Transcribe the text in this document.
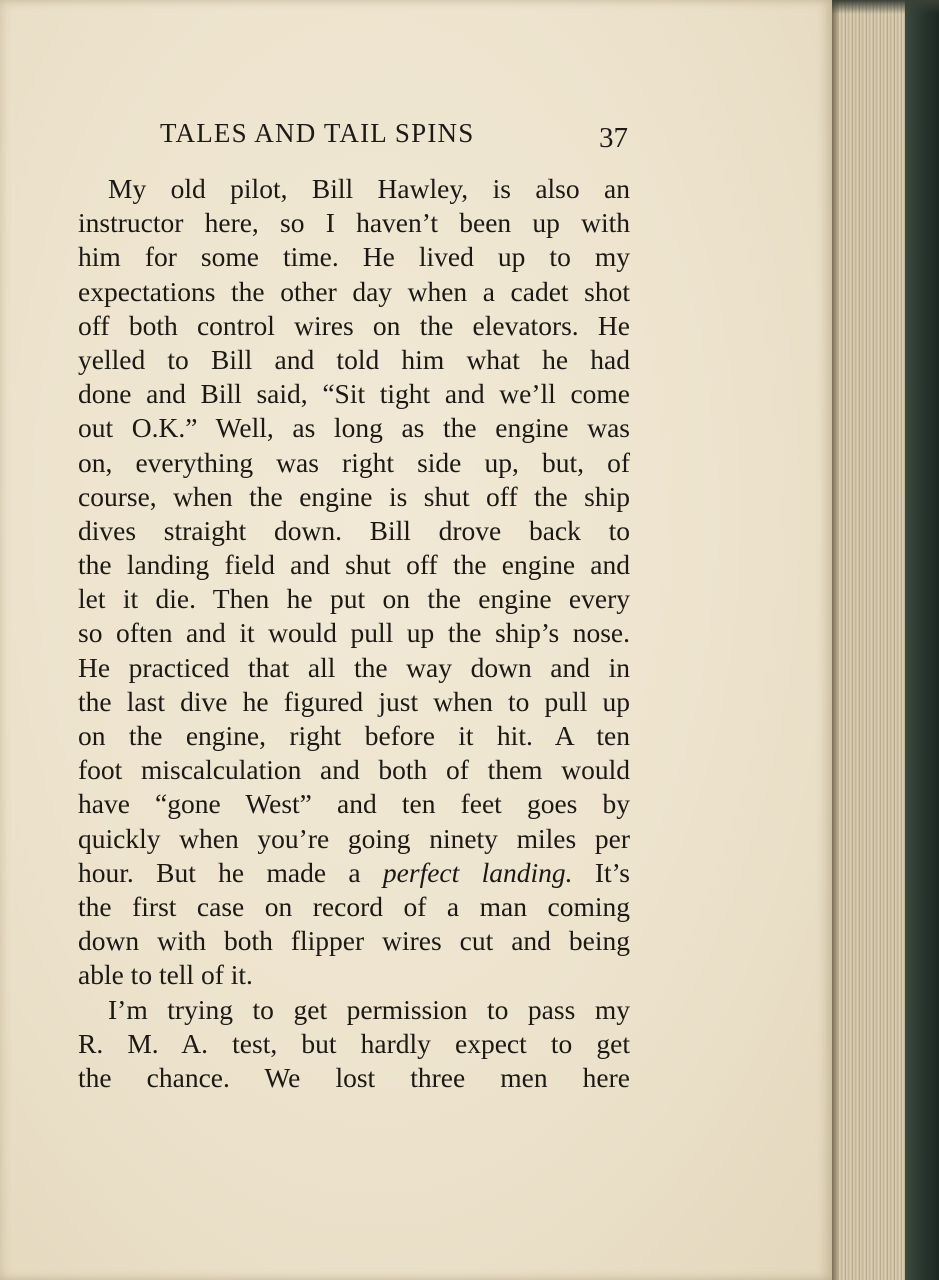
TALES AND TAIL SPINS	37
My old pilot, Bill Hawley, is also an
instructor here, so I haven’t been up with
him for some time. He lived up to my
expectations the other day when a cadet shot
off both control wires on the elevators. He
yelled to Bill and told him what he had
done and Bill said, “Sit tight and we’ll come
out O.K.” Well, as long as the engine was
on, everything was right side up, but, of
course, when the engine is shut off the ship
dives straight down. Bill drove back to
the landing field and shut off the engine and
let it die. Then he put on the engine every
so often and it would pull up the ship’s nose.
He practiced that all the way down and in
the last dive he figured just when to pull up
on the engine, right before it hit. A ten
foot miscalculation and both of them would
have “gone West” and ten feet goes by
quickly when you’re going ninety miles per
hour. But he made a perfect landing. It’s
the first case on record of a man coming
down with both flipper wires cut and being
able to tell of it.
I’m trying to get permission to pass my
R. M. A. test, but hardly expect to get
the chance. We lost three men here
